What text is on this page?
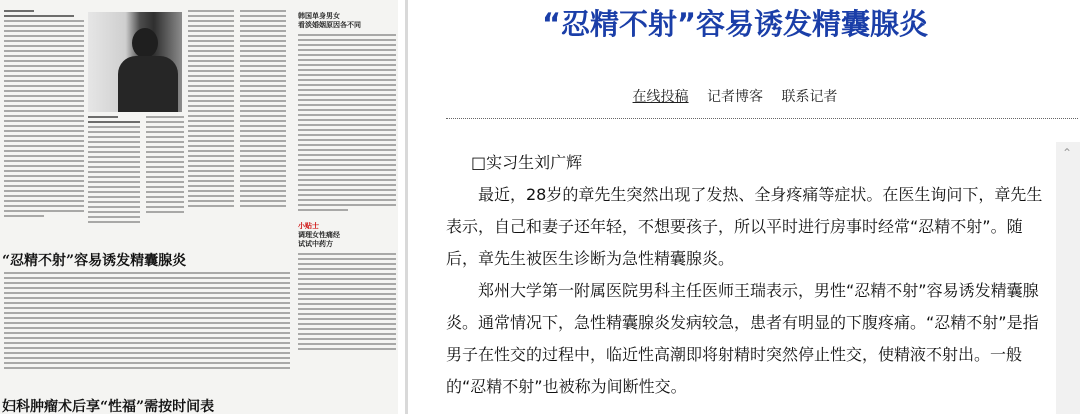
韩国单身男女
看淡婚姻原因各不同
小贴士
调理女性痛经
试试中药方
“忍精不射”容易诱发精囊腺炎
妇科肿瘤术后享“性福”需按时间表
“忍精不射”容易诱发精囊腺炎
在线投稿 记者博客 联系记者

□实习生刘广辉

最近，28岁的章先生突然出现了发热、全身疼痛等症状。在医生询问下，章先生表示，自己和妻子还年轻，不想要孩子，所以平时进行房事时经常“忍精不射”。随后，章先生被医生诊断为急性精囊腺炎。

郑州大学第一附属医院男科主任医师王瑞表示，男性“忍精不射”容易诱发精囊腺炎。通常情况下，急性精囊腺炎发病较急，患者有明显的下腹疼痛。“忍精不射”是指男子在性交的过程中，临近性高潮即将射精时突然停止性交，使精液不射出。一般的“忍精不射”也被称为间断性交。

⌃
